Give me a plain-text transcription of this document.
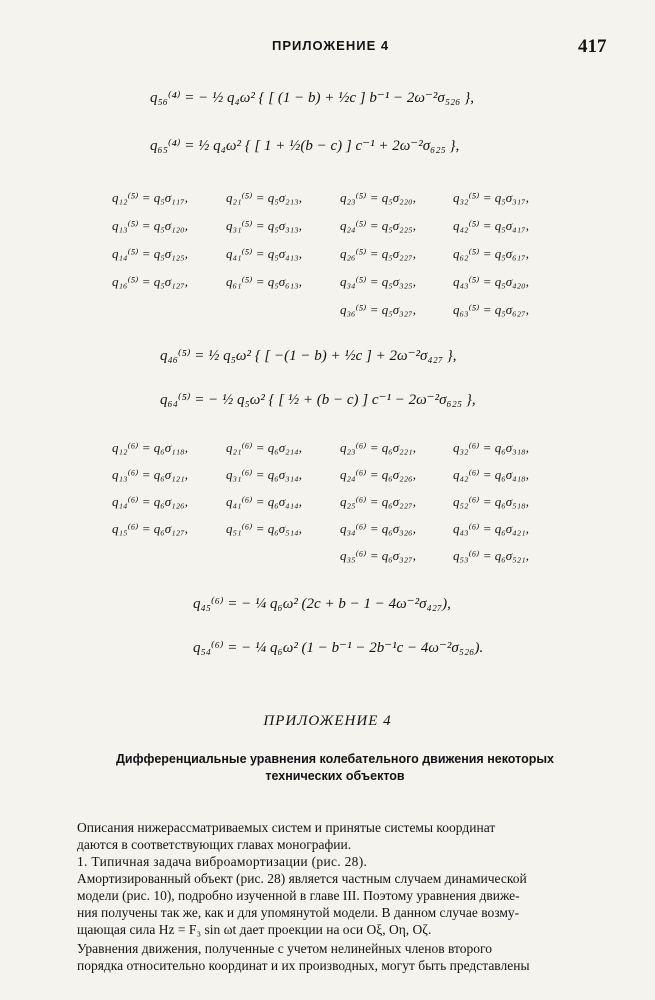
ПРИЛОЖЕНИЕ 4	417
q₅₆⁽⁴⁾ = − ½ q₄ω² { [ (1 − b) + ½c ] b⁻¹ − 2ω⁻²σ₅₂₆ },
q₆₅⁽⁴⁾ = ½ q₄ω² { [ 1 + ½(b − c) ] c⁻¹ + 2ω⁻²σ₆₂₅ },
q₁₂⁽⁵⁾ = q₅σ₁₁₇,	q₂₁⁽⁵⁾ = q₅σ₂₁₃,	q₂₃⁽⁵⁾ = q₅σ₂₂₀,	q₃₂⁽⁵⁾ = q₅σ₃₁₇,
q₁₃⁽⁵⁾ = q₅σ₁₂₀,	q₃₁⁽⁵⁾ = q₅σ₃₁₃,	q₂₄⁽⁵⁾ = q₅σ₂₂₅,	q₄₂⁽⁵⁾ = q₅σ₄₁₇,
q₁₄⁽⁵⁾ = q₅σ₁₂₅,	q₄₁⁽⁵⁾ = q₅σ₄₁₃,	q₂₆⁽⁵⁾ = q₅σ₂₂₇,	q₆₂⁽⁵⁾ = q₅σ₆₁₇,
q₁₆⁽⁵⁾ = q₅σ₁₂₇,	q₆₁⁽⁵⁾ = q₅σ₆₁₃,	q₃₄⁽⁵⁾ = q₅σ₃₂₅,	q₄₃⁽⁵⁾ = q₅σ₄₂₀,
q₃₆⁽⁵⁾ = q₅σ₃₂₇,	q₆₃⁽⁵⁾ = q₅σ₆₂₇,
q₄₆⁽⁵⁾ = ½ q₅ω² { [ −(1 − b) + ½c ] + 2ω⁻²σ₄₂₇ },
q₆₄⁽⁵⁾ = − ½ q₅ω² { [ ½ + (b − c) ] c⁻¹ − 2ω⁻²σ₆₂₅ },
q₁₂⁽⁶⁾ = q₆σ₁₁₈,	q₂₁⁽⁶⁾ = q₆σ₂₁₄,	q₂₃⁽⁶⁾ = q₆σ₂₂₁,	q₃₂⁽⁶⁾ = q₆σ₃₁₈,
q₁₃⁽⁶⁾ = q₆σ₁₂₁,	q₃₁⁽⁶⁾ = q₆σ₃₁₄,	q₂₄⁽⁶⁾ = q₆σ₂₂₆,	q₄₂⁽⁶⁾ = q₆σ₄₁₈,
q₁₄⁽⁶⁾ = q₆σ₁₂₆,	q₄₁⁽⁶⁾ = q₆σ₄₁₄,	q₂₅⁽⁶⁾ = q₆σ₂₂₇,	q₅₂⁽⁶⁾ = q₆σ₅₁₈,
q₁₅⁽⁶⁾ = q₆σ₁₂₇,	q₅₁⁽⁶⁾ = q₆σ₅₁₄,	q₃₄⁽⁶⁾ = q₆σ₃₂₆,	q₄₃⁽⁶⁾ = q₆σ₄₂₁,
q₃₅⁽⁶⁾ = q₆σ₃₂₇,	q₅₃⁽⁶⁾ = q₆σ₅₂₁,
q₄₅⁽⁶⁾ = − ¼ q₆ω² (2c + b − 1 − 4ω⁻²σ₄₂₇),
q₅₄⁽⁶⁾ = − ¼ q₆ω² (1 − b⁻¹ − 2b⁻¹c − 4ω⁻²σ₅₂₆).
ПРИЛОЖЕНИЕ 4
Дифференциальные уравнения колебательного движения некоторых
технических объектов
Описания нижерассматриваемых систем и принятые системы координат
даются в соответствующих главах монографии.
1. Типичная задача виброамортизации (рис. 28).
Амортизированный объект (рис. 28) является частным случаем динамической
модели (рис. 10), подробно изученной в главе III. Поэтому уравнения движе-
ния получены так же, как и для упомянутой модели. В данном случае возму-
щающая сила Hz = F₃ sin ωt дает проекции на оси Oξ, Oη, Oζ.
Уравнения движения, полученные с учетом нелинейных членов второго
порядка относительно координат и их производных, могут быть представлены
